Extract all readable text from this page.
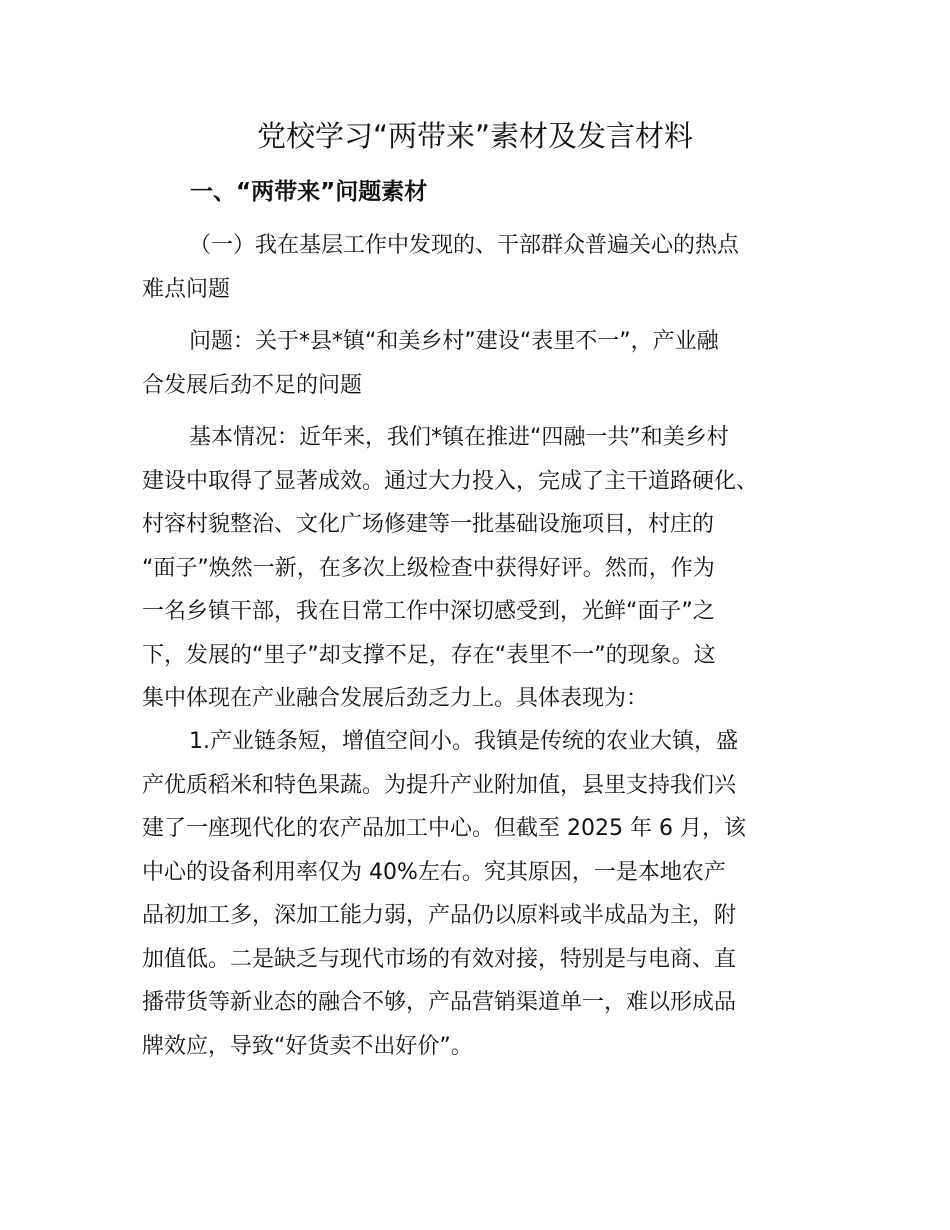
党校学习“两带来”素材及发言材料
一、“两带来”问题素材

（一）我在基层工作中发现的、干部群众普遍关心的热点
难点问题

问题：关于*县*镇“和美乡村”建设“表里不一”，产业融
合发展后劲不足的问题

基本情况：近年来，我们*镇在推进“四融一共”和美乡村
建设中取得了显著成效。通过大力投入，完成了主干道路硬化、
村容村貌整治、文化广场修建等一批基础设施项目，村庄的
“面子”焕然一新，在多次上级检查中获得好评。然而，作为
一名乡镇干部，我在日常工作中深切感受到，光鲜“面子”之
下，发展的“里子”却支撑不足，存在“表里不一”的现象。这
集中体现在产业融合发展后劲乏力上。具体表现为：

1.产业链条短，增值空间小。我镇是传统的农业大镇，盛
产优质稻米和特色果蔬。为提升产业附加值，县里支持我们兴
建了一座现代化的农产品加工中心。但截至 2025 年 6 月，该
中心的设备利用率仅为 40%左右。究其原因，一是本地农产
品初加工多，深加工能力弱，产品仍以原料或半成品为主，附
加值低。二是缺乏与现代市场的有效对接，特别是与电商、直
播带货等新业态的融合不够，产品营销渠道单一，难以形成品
牌效应，导致“好货卖不出好价”。
